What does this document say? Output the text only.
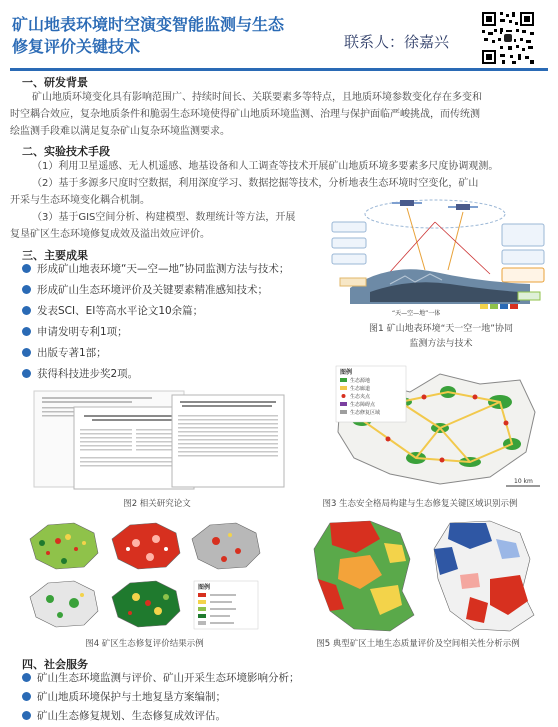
矿山地表环境时空演变智能监测与生态
修复评价关键技术	联系人：徐嘉兴
一、研发背景
矿山地质环境变化具有影响范围广、持续时间长、关联要素多等特点，且地质环境参数变化存在多变和
时空耦合效应，复杂地质条件和脆弱生态环境使得矿山地质环境监测、治理与保护面临严峻挑战，而传统测
绘监测手段难以满足复杂矿山复杂环境监测要求。
二、实验技术手段
（1）利用卫星遥感、无人机遥感、地基设备和人工调查等技术开展矿山地质环境多要素多尺度协调观测。
（2）基于多源多尺度时空数据，利用深度学习、数据挖掘等技术，分析地表生态环境时空变化，矿山
开采与生态环境变化耦合机制。
（3）基于GIS空间分析、构建模型、数理统计等方法，开展
复垦矿区生态环境修复成效及溢出效应评价。
三、主要成果
形成矿山地表环境“天—空—地”协同监测方法与技术；
形成矿山生态环境评价及关键要素精准感知技术；
发表SCI、EI等高水平论文10余篇；
申请发明专利1项；
出版专著1部；
获得科技进步奖2项。
“天—空—地”一体
图1 矿山地表环境“天一空一地”协同
监测方法与技术
图2 相关研究论文
图例
生态源地
生态廊道
生态夹点
生态障碍点
生态修复区域
10 km
图3 生态安全格局构建与生态修复关键区域识别示例
图例
图4 矿区生态修复评价结果示例	图5 典型矿区土地生态质量评价及空间相关性分析示例
四、社会服务
矿山生态环境监测与评价、矿山开采生态环境影响分析；
矿山地质环境保护与土地复垦方案编制；
矿山生态修复规划、生态修复成效评估。
